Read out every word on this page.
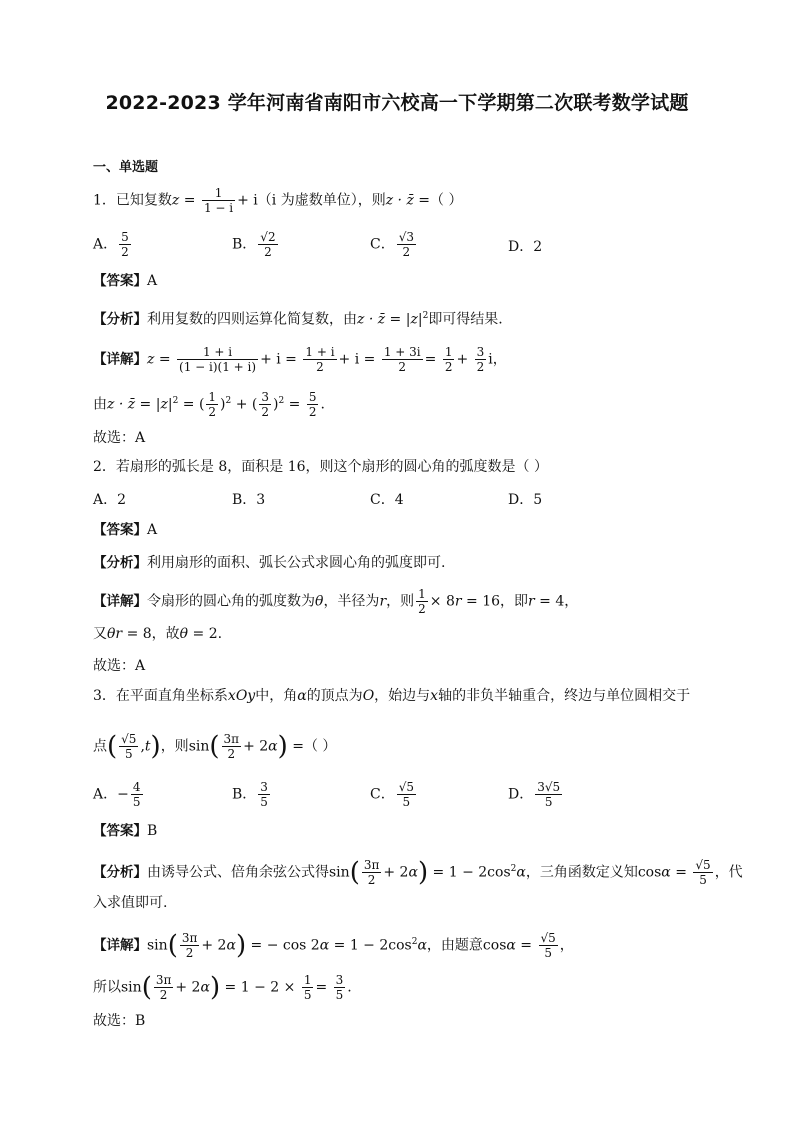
2022-2023 学年河南省南阳市六校高一下学期第二次联考数学试题
一、单选题
1．已知复数$z = \frac{1}{1 - i} + i(i$ 为虚数单位），则z · z̄ =（ ）
A． $\frac{5}{2}$	B． $\frac{√2}{2}$	C． $\frac{√3}{2}$	D．2
【答案】A
【分析】利用复数的四则运算化简复数，由z · z̄ = $|z|^2$即可得结果.
【详解】$z = \frac{1 + i}{(1 - i)(1 + i)} + i = \frac{1 + i}{2} + i = \frac{1 + 3i}{2} = \frac{1}{2} + \frac{3}{2}$ i，
由z · z̄ = $|z|^2$ = ( $\frac{1}{2} )^2$ + ( $\frac{3}{2} )^2 = \frac{5}{2}$ .
故选：A
2．若扇形的弧长是 8，面积是 16，则这个扇形的圆心角的弧度数是（ ）
A．2	B．3	C．4	D．5
【答案】A
【分析】利用扇形的面积、弧长公式求圆心角的弧度即可.
【详解】令扇形的圆心角的弧度数为θ，半径为r，则 $\frac{1}{2} \times 8r = 16$，即r = 4，
又θr = 8，故θ = 2.
故选：A
3．在平面直角坐标系xOy中，角α的顶点为O，始边与x轴的非负半轴重合，终边与单位圆相交于
点( $\frac{√5}{5} ,t$)，则$\sin( \frac{3\pi}{2} + 2\alpha)$ =（ ）
A．− $\frac{4}{5}$	B． $\frac{3}{5}$	C． $\frac{√5}{5}$	D． $\frac{3√5}{5}$
【答案】B
【分析】由诱导公式、倍角余弦公式得$\sin( \frac{3\pi}{2} + 2\alpha) = 1 - 2\cos^2\alpha$，三角函数定义知$\cos\alpha = \frac{√5}{5}$ ，代
入求值即可.
【详解】$\sin( \frac{3\pi}{2} + 2\alpha)$ = − $\cos 2\alpha = 1 - 2\cos^2\alpha$，由题意$\cos\alpha = \frac{√5}{5}$ ，
所以$\sin( \frac{3\pi}{2} + 2\alpha) = 1 - 2 \times \frac{1}{5} = \frac{3}{5}$ .
故选：B
